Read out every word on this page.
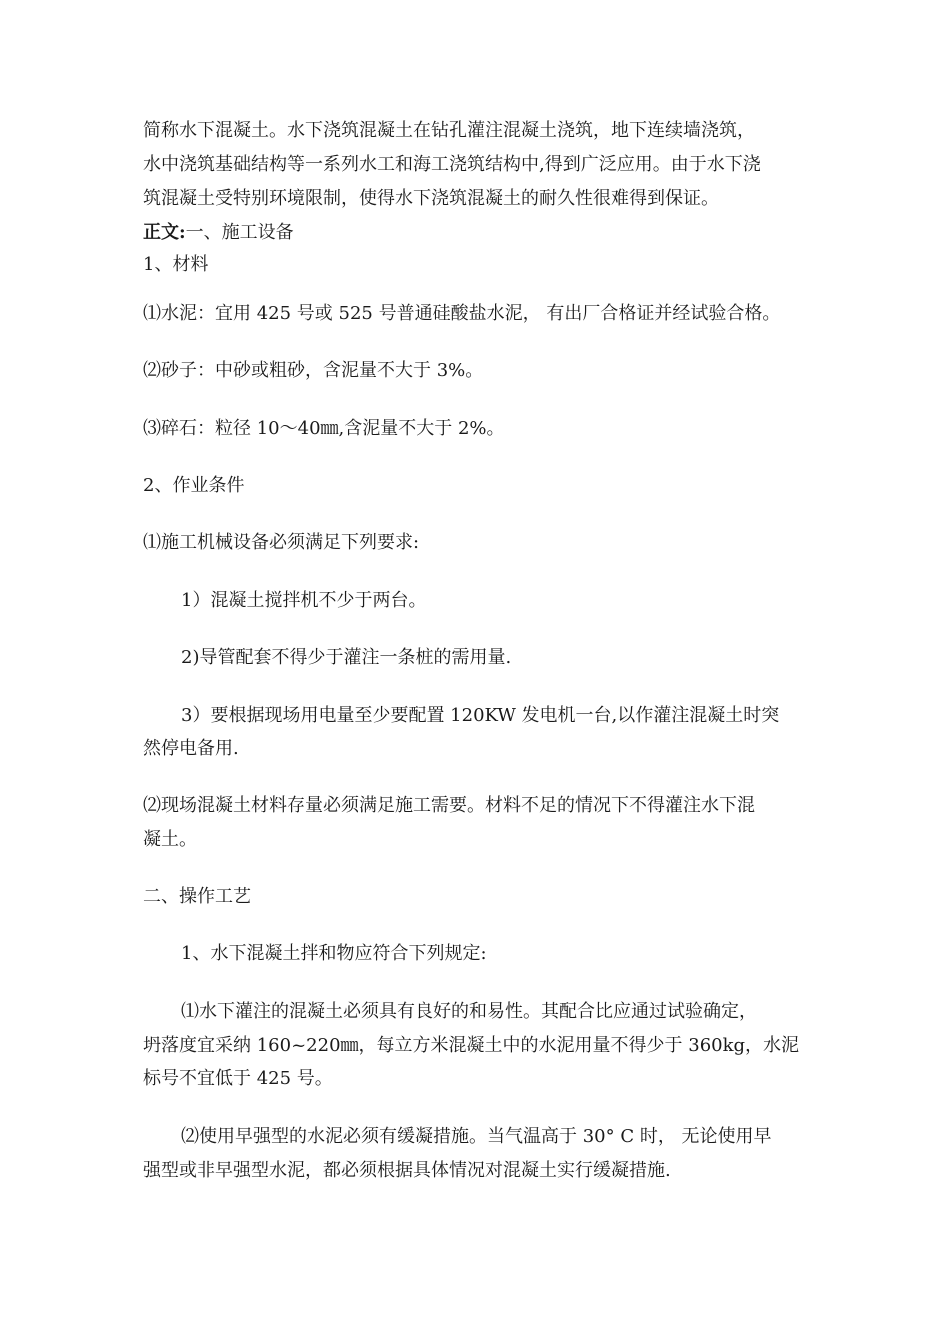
简称水下混凝土。水下浇筑混凝土在钻孔灌注混凝土浇筑，地下连续墙浇筑，
水中浇筑基础结构等一系列水工和海工浇筑结构中,得到广泛应用。由于水下浇
筑混凝土受特别环境限制，使得水下浇筑混凝土的耐久性很难得到保证。
正文:一、施工设备
1、材料
⑴水泥：宜用 425 号或 525 号普通硅酸盐水泥， 有出厂合格证并经试验合格。
⑵砂子：中砂或粗砂，含泥量不大于 3%。
⑶碎石：粒径 10～40㎜,含泥量不大于 2%。
2、作业条件
⑴施工机械设备必须满足下列要求:
1）混凝土搅拌机不少于两台。
2)导管配套不得少于灌注一条桩的需用量.
3）要根据现场用电量至少要配置 120KW 发电机一台,以作灌注混凝土时突
然停电备用.
⑵现场混凝土材料存量必须满足施工需要。材料不足的情况下不得灌注水下混
凝土。
二、操作工艺
1、水下混凝土拌和物应符合下列规定:
⑴水下灌注的混凝土必须具有良好的和易性。其配合比应通过试验确定，
坍落度宜采纳 160~220㎜，每立方米混凝土中的水泥用量不得少于 360kg，水泥
标号不宜低于 425 号。
⑵使用早强型的水泥必须有缓凝措施。当气温高于 30° C 时， 无论使用早
强型或非早强型水泥，都必须根据具体情况对混凝土实行缓凝措施.
